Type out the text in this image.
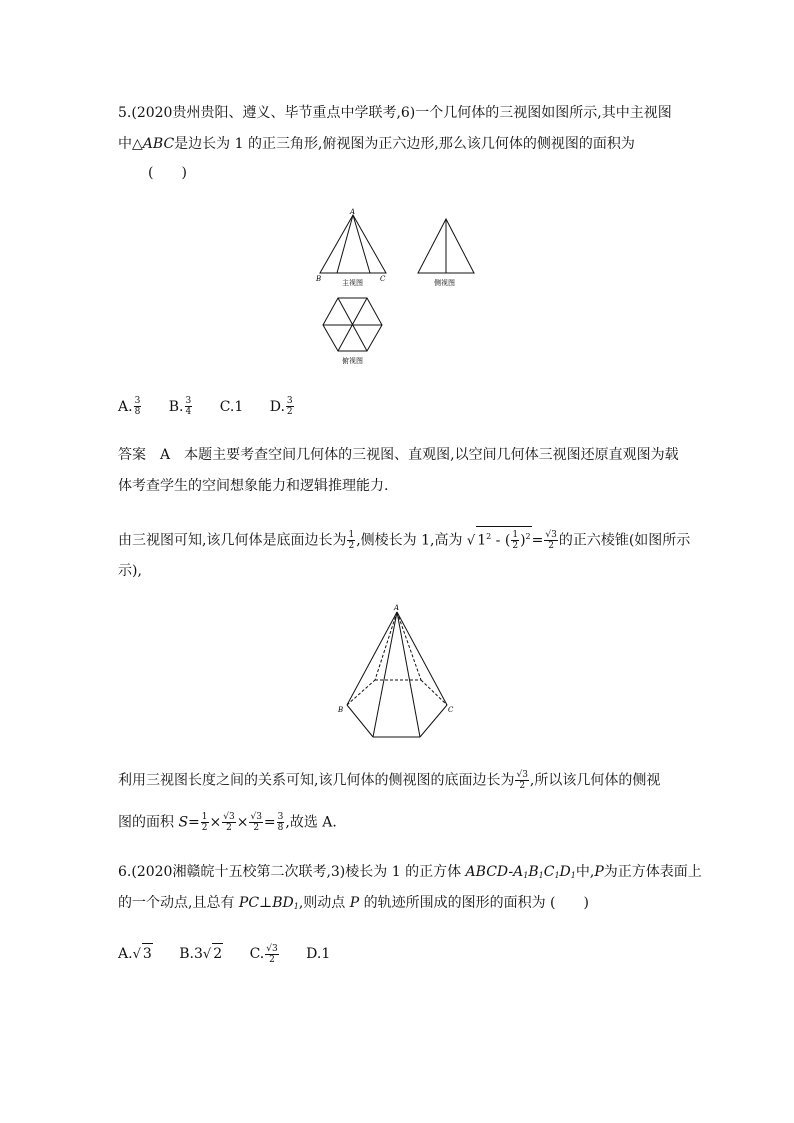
5.(2020贵州贵阳、遵义、毕节重点中学联考,6)一个几何体的三视图如图所示,其中主视图
中△ABC是边长为 1 的正三角形,俯视图为正六边形,那么该几何体的侧视图的面积为
(　　)
A
B	C
主视图	侧视图
俯视图
A. $\frac{3}{8} B$. $\frac{3}{4} C.1$ D. $\frac{3}{2}$
答案　A　 本题主要考查空间几何体的三视图、直观图,以空间几何体三视图还原直观图为载
体考查学生的空间想象能力和逻辑推理能力.
由三视图可知,该几何体是底面边长为 $\frac{1}{2}$ ,侧棱长为 1,高为 √ $1^2$ - ( $\frac{1}{2} )^2= \frac{√3}{2}$ 的正六棱锥(如图所示
示),
A
B	C
利用三视图长度之间的关系可知,该几何体的侧视图的底面边长为 $\frac{√3}{2}$ ,所以该几何体的侧视
图的面积 $S= \frac{1}{2} \times \frac{√3}{2} \times \frac{√3}{2} = \frac{3}{8}$ ,故选 A.
6.(2020湘赣皖十五校第二次联考,3)棱长为 1 的正方体 ABCD-$A_1B_1C_1D_1$中,P为正方体表面上
的一个动点,且总有 $PC\perp BD_1$,则动点 P 的轨迹所围成的图形的面积为 (　　)
A.√ 3 B.3√ 2 C. $\frac{√3}{2} D.1$
